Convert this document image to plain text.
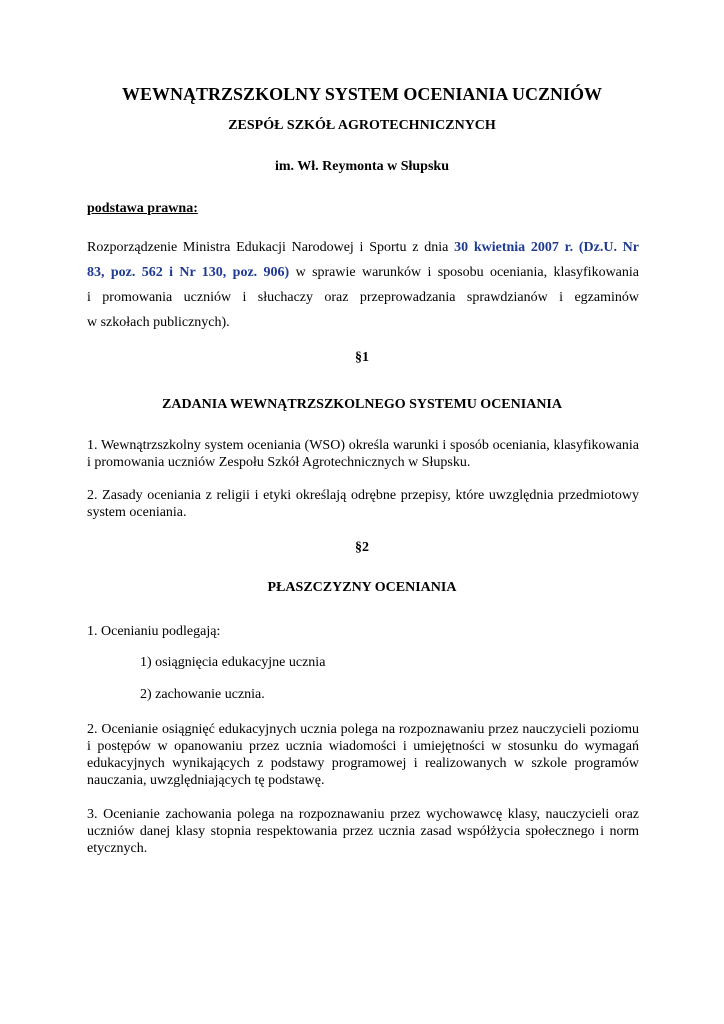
WEWNĄTRZSZKOLNY SYSTEM OCENIANIA UCZNIÓW
ZESPÓŁ SZKÓŁ AGROTECHNICZNYCH
im. Wł. Reymonta w Słupsku
podstawa prawna:
Rozporządzenie Ministra Edukacji Narodowej i Sportu z dnia 30 kwietnia 2007 r. (Dz.U. Nr
83, poz. 562 i Nr 130, poz. 906) w sprawie warunków i sposobu oceniania, klasyfikowania
i promowania uczniów i słuchaczy oraz przeprowadzania sprawdzianów i egzaminów
w szkołach publicznych).
§1
ZADANIA WEWNĄTRZSZKOLNEGO SYSTEMU OCENIANIA
1. Wewnątrzszkolny system oceniania (WSO) określa warunki i sposób oceniania, klasyfikowania i promowania uczniów Zespołu Szkół Agrotechnicznych w Słupsku.
2. Zasady oceniania z religii i etyki określają odrębne przepisy, które uwzględnia przedmiotowy system oceniania.
§2
PŁASZCZYZNY OCENIANIA
1. Ocenianiu podlegają:
1) osiągnięcia edukacyjne ucznia
2) zachowanie ucznia.
2. Ocenianie osiągnięć edukacyjnych ucznia polega na rozpoznawaniu przez nauczycieli poziomu i postępów w opanowaniu przez ucznia wiadomości i umiejętności w stosunku do wymagań edukacyjnych wynikających z podstawy programowej i realizowanych w szkole programów nauczania, uwzględniających tę podstawę.
3. Ocenianie zachowania polega na rozpoznawaniu przez wychowawcę klasy, nauczycieli oraz uczniów danej klasy stopnia respektowania przez ucznia zasad współżycia społecznego i norm etycznych.
